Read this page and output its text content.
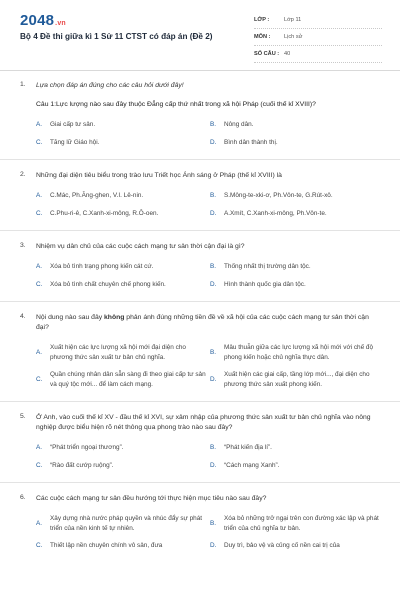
2048.vn
Bộ 4 Đề thi giữa kì 1 Sử 11 CTST có đáp án (Đề 2)
LỚP :	Lớp 11
MÔN :	Lịch sử
SỐ CÂU : 40
1. Lựa chọn đáp án đúng cho các câu hỏi dưới đây!
Câu 1:Lực lượng nào sau đây thuộc Đẳng cấp thứ nhất trong xã hội Pháp (cuối thế kỉ XVIII)?
A.	Giai cấp tư sản.	B.	Nông dân.
C.	Tăng lữ Giáo hội.	D.	Bình dân thành thị.
2. Những đại diện tiêu biểu trong trào lưu Triết học Ánh sáng ở Pháp (thế kỉ XVIII) là
A.	C.Mác, Ph.Ăng-ghen, V.I. Lê-nin.	B.	S.Mông-te-xki-ơ, Ph.Vôn-te, G.Rút-xô.
C.	C.Phu-ri-ê, C.Xanh-xi-mông, R.Ô-oen.	D.	A.Xmít, C.Xanh-xi-mông, Ph.Vôn-te.
3. Nhiệm vụ dân chủ của các cuộc cách mạng tư sản thời cận đại là gì?
A.	Xóa bỏ tình trạng phong kiến cát cứ.	B.	Thống nhất thị trường dân tộc.
C.	Xóa bỏ tình chất chuyên chế phong kiến.	D.	Hình thành quốc gia dân tộc.
4. Nội dung nào sau đây không phản ánh đúng những tiền đề về xã hội của các cuộc cách mạng tư sản thời cận đại?
A.
Xuất hiện các lực lượng xã hội mới đại diện cho phương thức sản xuất tư bản chủ nghĩa.
B.
Mâu thuẫn giữa các lực lượng xã hội mới với chế độ phong kiến hoặc chủ nghĩa thực dân.
C.
Quần chúng nhân dân sẵn sàng đi theo giai cấp tư sản và quý tộc mới... để làm cách mạng.
D.
Xuất hiện các giai cấp, tầng lớp mới..., đại diện cho phương thức sản xuất phong kiến.
5. Ở Anh, vào cuối thế kỉ XV - đầu thế kỉ XVI, sự xâm nhập của phương thức sản xuất tư bản chủ nghĩa vào nông nghiệp được biểu hiện rõ nét thông qua phong trào nào sau đây?
A.	“Phát triển ngoại thương”.	B.	“Phát kiến địa lí”.
C.	“Rào đất cướp ruộng”.	D.	“Cách mạng Xanh”.
6. Các cuộc cách mạng tư sản đều hướng tới thực hiện mục tiêu nào sau đây?
A.
Xây dựng nhà nước pháp quyền và nhúc đẩy sự phát triển của nền kinh tế tự nhiên.
B.
Xóa bỏ những trở ngại trên con đường xác lập và phát triển của chủ nghĩa tư bản.
C.	Thiết lập nền chuyên chính vô sản, đưa	D.	Duy trì, bảo vệ và củng cố nền cai trị của
